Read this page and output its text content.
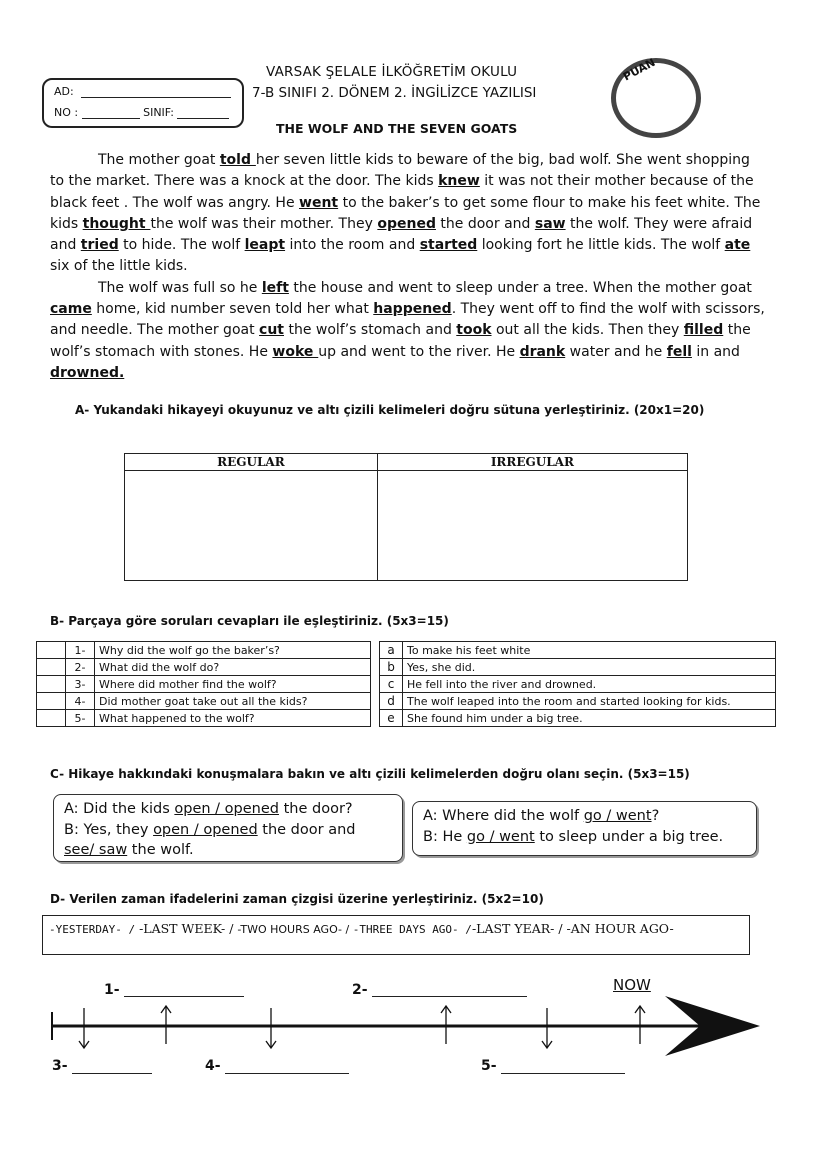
AD:
NO :	SINIF:
VARSAK ŞELALE İLKÖĞRETİM OKULU
7-B SINIFI 2. DÖNEM 2. İNGİLİZCE YAZILISI
PUAN
THE WOLF AND THE SEVEN GOATS

The mother goat told her seven little kids to beware of the big, bad wolf. She went shopping to the market. There was a knock at the door. The kids knew it was not their mother because of the black feet . The wolf was angry. He went to the baker’s to get some flour to make his feet white. The kids thought the wolf was their mother. They opened the door and saw the wolf. They were afraid and tried to hide. The wolf leapt into the room and started looking fort he little kids. The wolf ate six of the little kids.

The wolf was full so he left the house and went to sleep under a tree. When the mother goat came home, kid number seven told her what happened. They went off to find the wolf with scissors, and needle. The mother goat cut the wolf’s stomach and took out all the kids. Then they filled the wolf’s stomach with stones. He woke up and went to the river. He drank water and he fell in and drowned.

A- Yukandaki hikayeyi okuyunuz ve altı çizili kelimeleri doğru sütuna yerleştiriniz. (20x1=20)
REGULAR	IRREGULAR

B- Parçaya göre soruları cevapları ile eşleştiriniz. (5x3=15)
	1-	Why did the wolf go the baker’s?
	2-	What did the wolf do?
	3-	Where did mother find the wolf?
	4-	Did mother goat take out all the kids?
	5-	What happened to the wolf?
a	To make his feet white
b	Yes, she did.
c	He fell into the river and drowned.
d	The wolf leaped into the room and started looking for kids.
e	She found him under a big tree.
C- Hikaye hakkındaki konuşmalara bakın ve altı çizili kelimelerden doğru olanı seçin. (5x3=15)
A: Did the kids open / opened the door?
B: Yes, they open / opened the door and
see/ saw the wolf.
A: Where did the wolf go / went?
B: He go / went to sleep under a big tree.
D- Verilen zaman ifadelerini zaman çizgisi üzerine yerleştiriniz. (5x2=10)
-YESTERDAY- / -LAST WEEK- / -TWO HOURS AGO- / -THREE DAYS AGO- /-LAST YEAR- / -AN HOUR AGO-
1-	2-
3-	4-	5-
NOW
